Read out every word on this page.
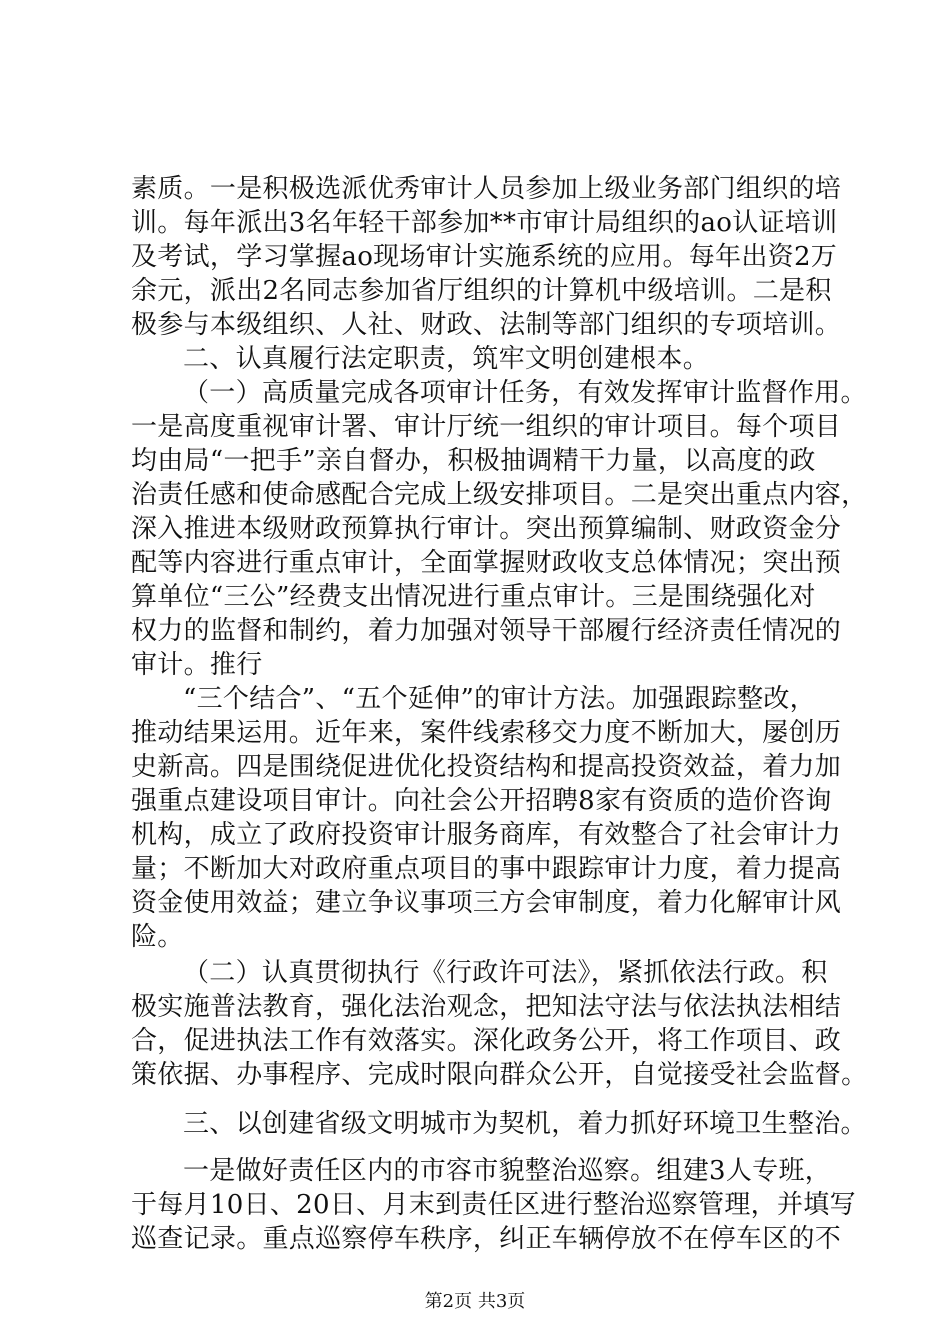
素质。一是积极选派优秀审计人员参加上级业务部门组织的培
训。每年派出3名年轻干部参加**市审计局组织的ao认证培训
及考试，学习掌握ao现场审计实施系统的应用。每年出资2万
余元，派出2名同志参加省厅组织的计算机中级培训。二是积
极参与本级组织、人社、财政、法制等部门组织的专项培训。
二、认真履行法定职责，筑牢文明创建根本。
（一）高质量完成各项审计任务，有效发挥审计监督作用。
一是高度重视审计署、审计厅统一组织的审计项目。每个项目
均由局“一把手”亲自督办，积极抽调精干力量，以高度的政
治责任感和使命感配合完成上级安排项目。二是突出重点内容，
深入推进本级财政预算执行审计。突出预算编制、财政资金分
配等内容进行重点审计，全面掌握财政收支总体情况；突出预
算单位“三公”经费支出情况进行重点审计。三是围绕强化对
权力的监督和制约，着力加强对领导干部履行经济责任情况的
审计。推行
“三个结合”、“五个延伸”的审计方法。加强跟踪整改，
推动结果运用。近年来，案件线索移交力度不断加大，屡创历
史新高。四是围绕促进优化投资结构和提高投资效益，着力加
强重点建设项目审计。向社会公开招聘8家有资质的造价咨询
机构，成立了政府投资审计服务商库，有效整合了社会审计力
量；不断加大对政府重点项目的事中跟踪审计力度，着力提高
资金使用效益；建立争议事项三方会审制度，着力化解审计风
险。
（二）认真贯彻执行《行政许可法》，紧抓依法行政。积
极实施普法教育，强化法治观念，把知法守法与依法执法相结
合，促进执法工作有效落实。深化政务公开，将工作项目、政
策依据、办事程序、完成时限向群众公开，自觉接受社会监督。
三、以创建省级文明城市为契机，着力抓好环境卫生整治。
一是做好责任区内的市容市貌整治巡察。组建3人专班，
于每月10日、20日、月末到责任区进行整治巡察管理，并填写
巡查记录。重点巡察停车秩序，纠正车辆停放不在停车区的不
第2页 共3页
